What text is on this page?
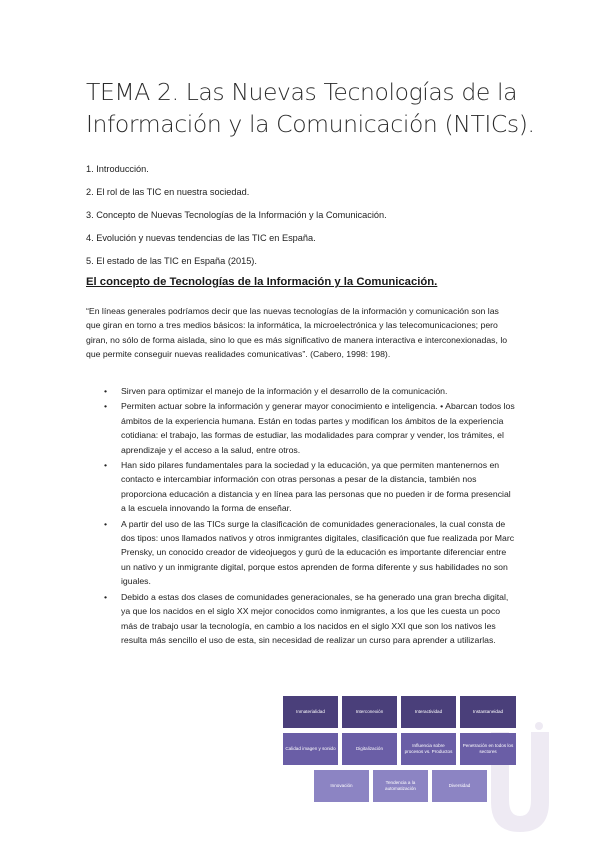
TEMA 2. Las Nuevas Tecnologías de la Información y la Comunicación (NTICs).
1. Introducción.
2. El rol de las TIC en nuestra sociedad.
3. Concepto de Nuevas Tecnologías de la Información y la Comunicación.
4. Evolución y nuevas tendencias de las TIC en España.
5. El estado de las TIC en España (2015).
El concepto de Tecnologías de la Información y la Comunicación.

“En líneas generales podríamos decir que las nuevas tecnologías de la información y comunicación son las que giran en torno a tres medios básicos: la informática, la microelectrónica y las telecomunicaciones; pero giran, no sólo de forma aislada, sino lo que es más significativo de manera interactiva e interconexionadas, lo que permite conseguir nuevas realidades comunicativas”. (Cabero, 1998: 198).

• Sirven para optimizar el manejo de la información y el desarrollo de la comunicación.
• Permiten actuar sobre la información y generar mayor conocimiento e inteligencia. • Abarcan todos los ámbitos de la experiencia humana. Están en todas partes y modifican los ámbitos de la experiencia cotidiana: el trabajo, las formas de estudiar, las modalidades para comprar y vender, los trámites, el aprendizaje y el acceso a la salud, entre otros.
• Han sido pilares fundamentales para la sociedad y la educación, ya que permiten mantenernos en contacto e intercambiar información con otras personas a pesar de la distancia, también nos proporciona educación a distancia y en línea para las personas que no pueden ir de forma presencial a la escuela innovando la forma de enseñar.
• A partir del uso de las TICs surge la clasificación de comunidades generacionales, la cual consta de dos tipos: unos llamados nativos y otros inmigrantes digitales, clasificación que fue realizada por Marc Prensky, un conocido creador de videojuegos y gurú de la educación es importante diferenciar entre un nativo y un inmigrante digital, porque estos aprenden de forma diferente y sus habilidades no son iguales.
• Debido a estas dos clases de comunidades generacionales, se ha generado una gran brecha digital, ya que los nacidos en el siglo XX mejor conocidos como inmigrantes, a los que les cuesta un poco más de trabajo usar la tecnología, en cambio a los nacidos en el siglo XXI que son los nativos les resulta más sencillo el uso de esta, sin necesidad de realizar un curso para aprender a utilizarlas.
Inmaterialidad	Interconexión	Interactividad	Instantaneidad
Calidad imagen y sonido	Digitalización
Influencia sobre procesos vs. Productos
Penetración en todos los sectores
Innovación
Tendencia a la automatización
Diversidad
